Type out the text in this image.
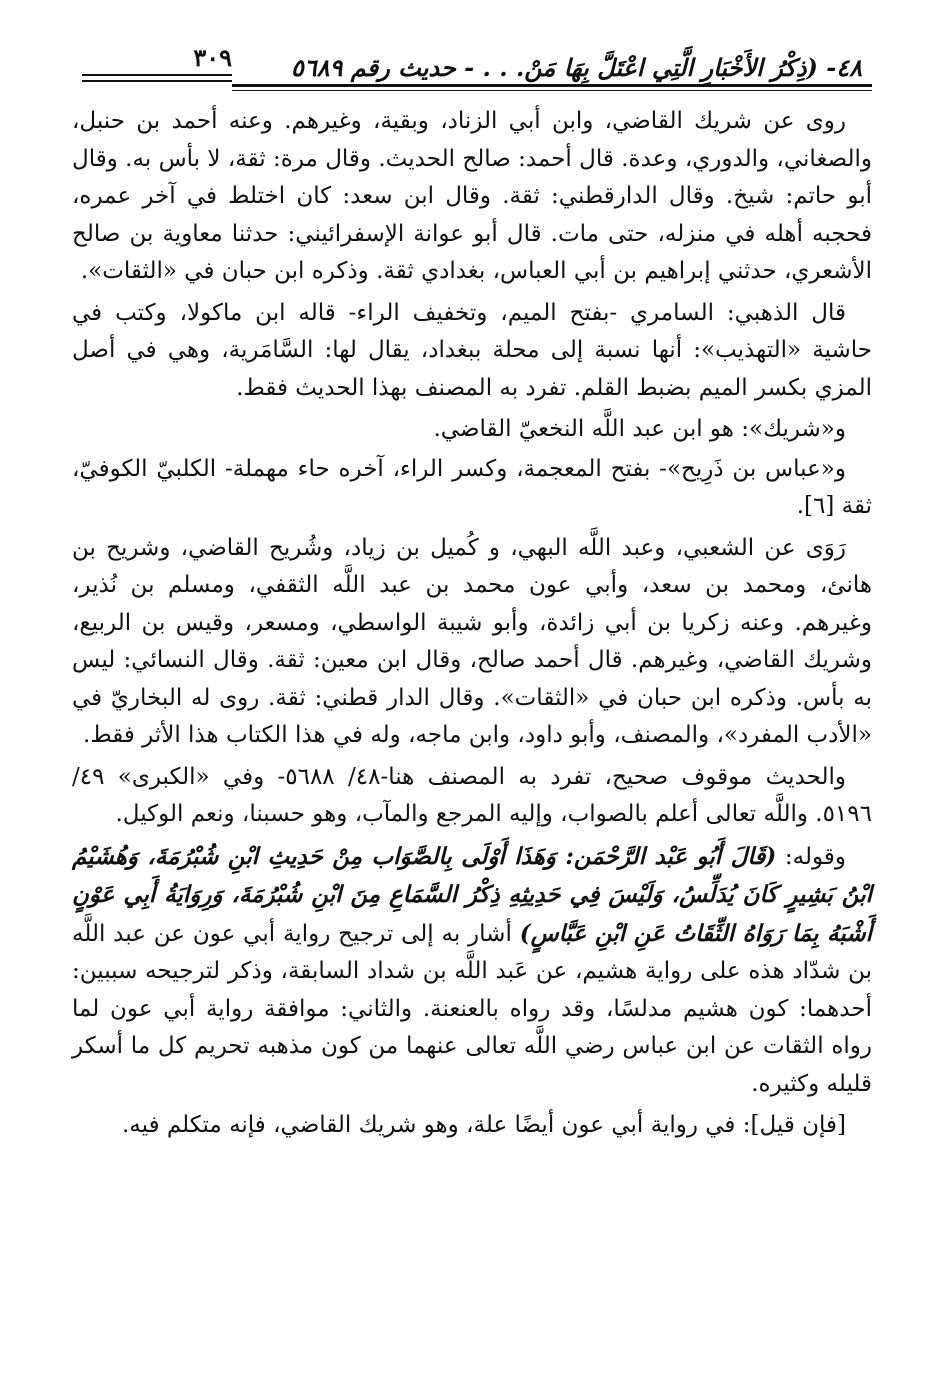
٤٨- (ذِكْرُ الأَخْبَارِ الَّتِي اعْتَلَّ بِهَا مَنْ. . . - حديث رقم ٥٦٨٩
٣٠٩

روى عن شريك القاضي، وابن أبي الزناد، وبقية، وغيرهم. وعنه أحمد بن حنبل، والصغاني، والدوري، وعدة. قال أحمد: صالح الحديث. وقال مرة: ثقة، لا بأس به. وقال أبو حاتم: شيخ. وقال الدارقطني: ثقة. وقال ابن سعد: كان اختلط في آخر عمره، فحجبه أهله في منزله، حتى مات. قال أبو عوانة الإسفرائيني: حدثنا معاوية بن صالح الأشعري، حدثني إبراهيم بن أبي العباس، بغدادي ثقة. وذكره ابن حبان في «الثقات».

قال الذهبي: السامري -بفتح الميم، وتخفيف الراء- قاله ابن ماكولا، وكتب في حاشية «التهذيب»: أنها نسبة إلى محلة ببغداد، يقال لها: السَّامَرية، وهي في أصل المزي بكسر الميم بضبط القلم. تفرد به المصنف بهذا الحديث فقط.

و«شريك»: هو ابن عبد اللَّه النخعيّ القاضي.

و«عباس بن ذَرِيح»- بفتح المعجمة، وكسر الراء، آخره حاء مهملة- الكلبيّ الكوفيّ، ثقة [٦].

رَوَى عن الشعبي، وعبد اللَّه البهي، و كُميل بن زياد، وشُريح القاضي، وشريح بن هانئ، ومحمد بن سعد، وأبي عون محمد بن عبد اللَّه الثقفي، ومسلم بن نُذير، وغيرهم. وعنه زكريا بن أبي زائدة، وأبو شيبة الواسطي، ومسعر، وقيس بن الربيع، وشريك القاضي، وغيرهم. قال أحمد صالح، وقال ابن معين: ثقة. وقال النسائي: ليس به بأس. وذكره ابن حبان في «الثقات». وقال الدار قطني: ثقة. روى له البخاريّ في «الأدب المفرد»، والمصنف، وأبو داود، وابن ماجه، وله في هذا الكتاب هذا الأثر فقط.

والحديث موقوف صحيح، تفرد به المصنف هنا-٤٨/ ٥٦٨٨- وفي «الكبرى» ٤٩/ ٥١٩٦. واللَّه تعالى أعلم بالصواب، وإليه المرجع والمآب، وهو حسبنا، ونعم الوكيل.

وقوله: (قَالَ أَبُو عَبْد الرَّحْمَن: وَهَذَا أَوْلَى بِالصَّوَاب مِنْ حَدِيثِ ابْنِ شُبْرُمَةَ، وَهُشَيْمُ ابْنُ بَشِيرٍ كَانَ يُدَلِّسُ، وَلَيْسَ فِي حَدِيثِهِ ذِكْرُ السَّمَاعِ مِنَ ابْنِ شُبْرُمَةَ، وَرِوَايَةُ أَبِي عَوْنٍ أَشْبَهُ بِمَا رَوَاهُ الثِّقَاتُ عَنِ ابْنِ عَبَّاسٍ) أشار به إلى ترجيح رواية أبي عون عن عبد اللَّه بن شدّاد هذه على رواية هشيم، عن عَبد اللَّه بن شداد السابقة، وذكر لترجيحه سببين: أحدهما: كون هشيم مدلسًا، وقد رواه بالعنعنة. والثاني: موافقة رواية أبي عون لما رواه الثقات عن ابن عباس رضي اللَّه تعالى عنهما من كون مذهبه تحريم كل ما أسكر قليله وكثيره.

[فإن قيل]: في رواية أبي عون أيضًا علة، وهو شريك القاضي، فإنه متكلم فيه.
